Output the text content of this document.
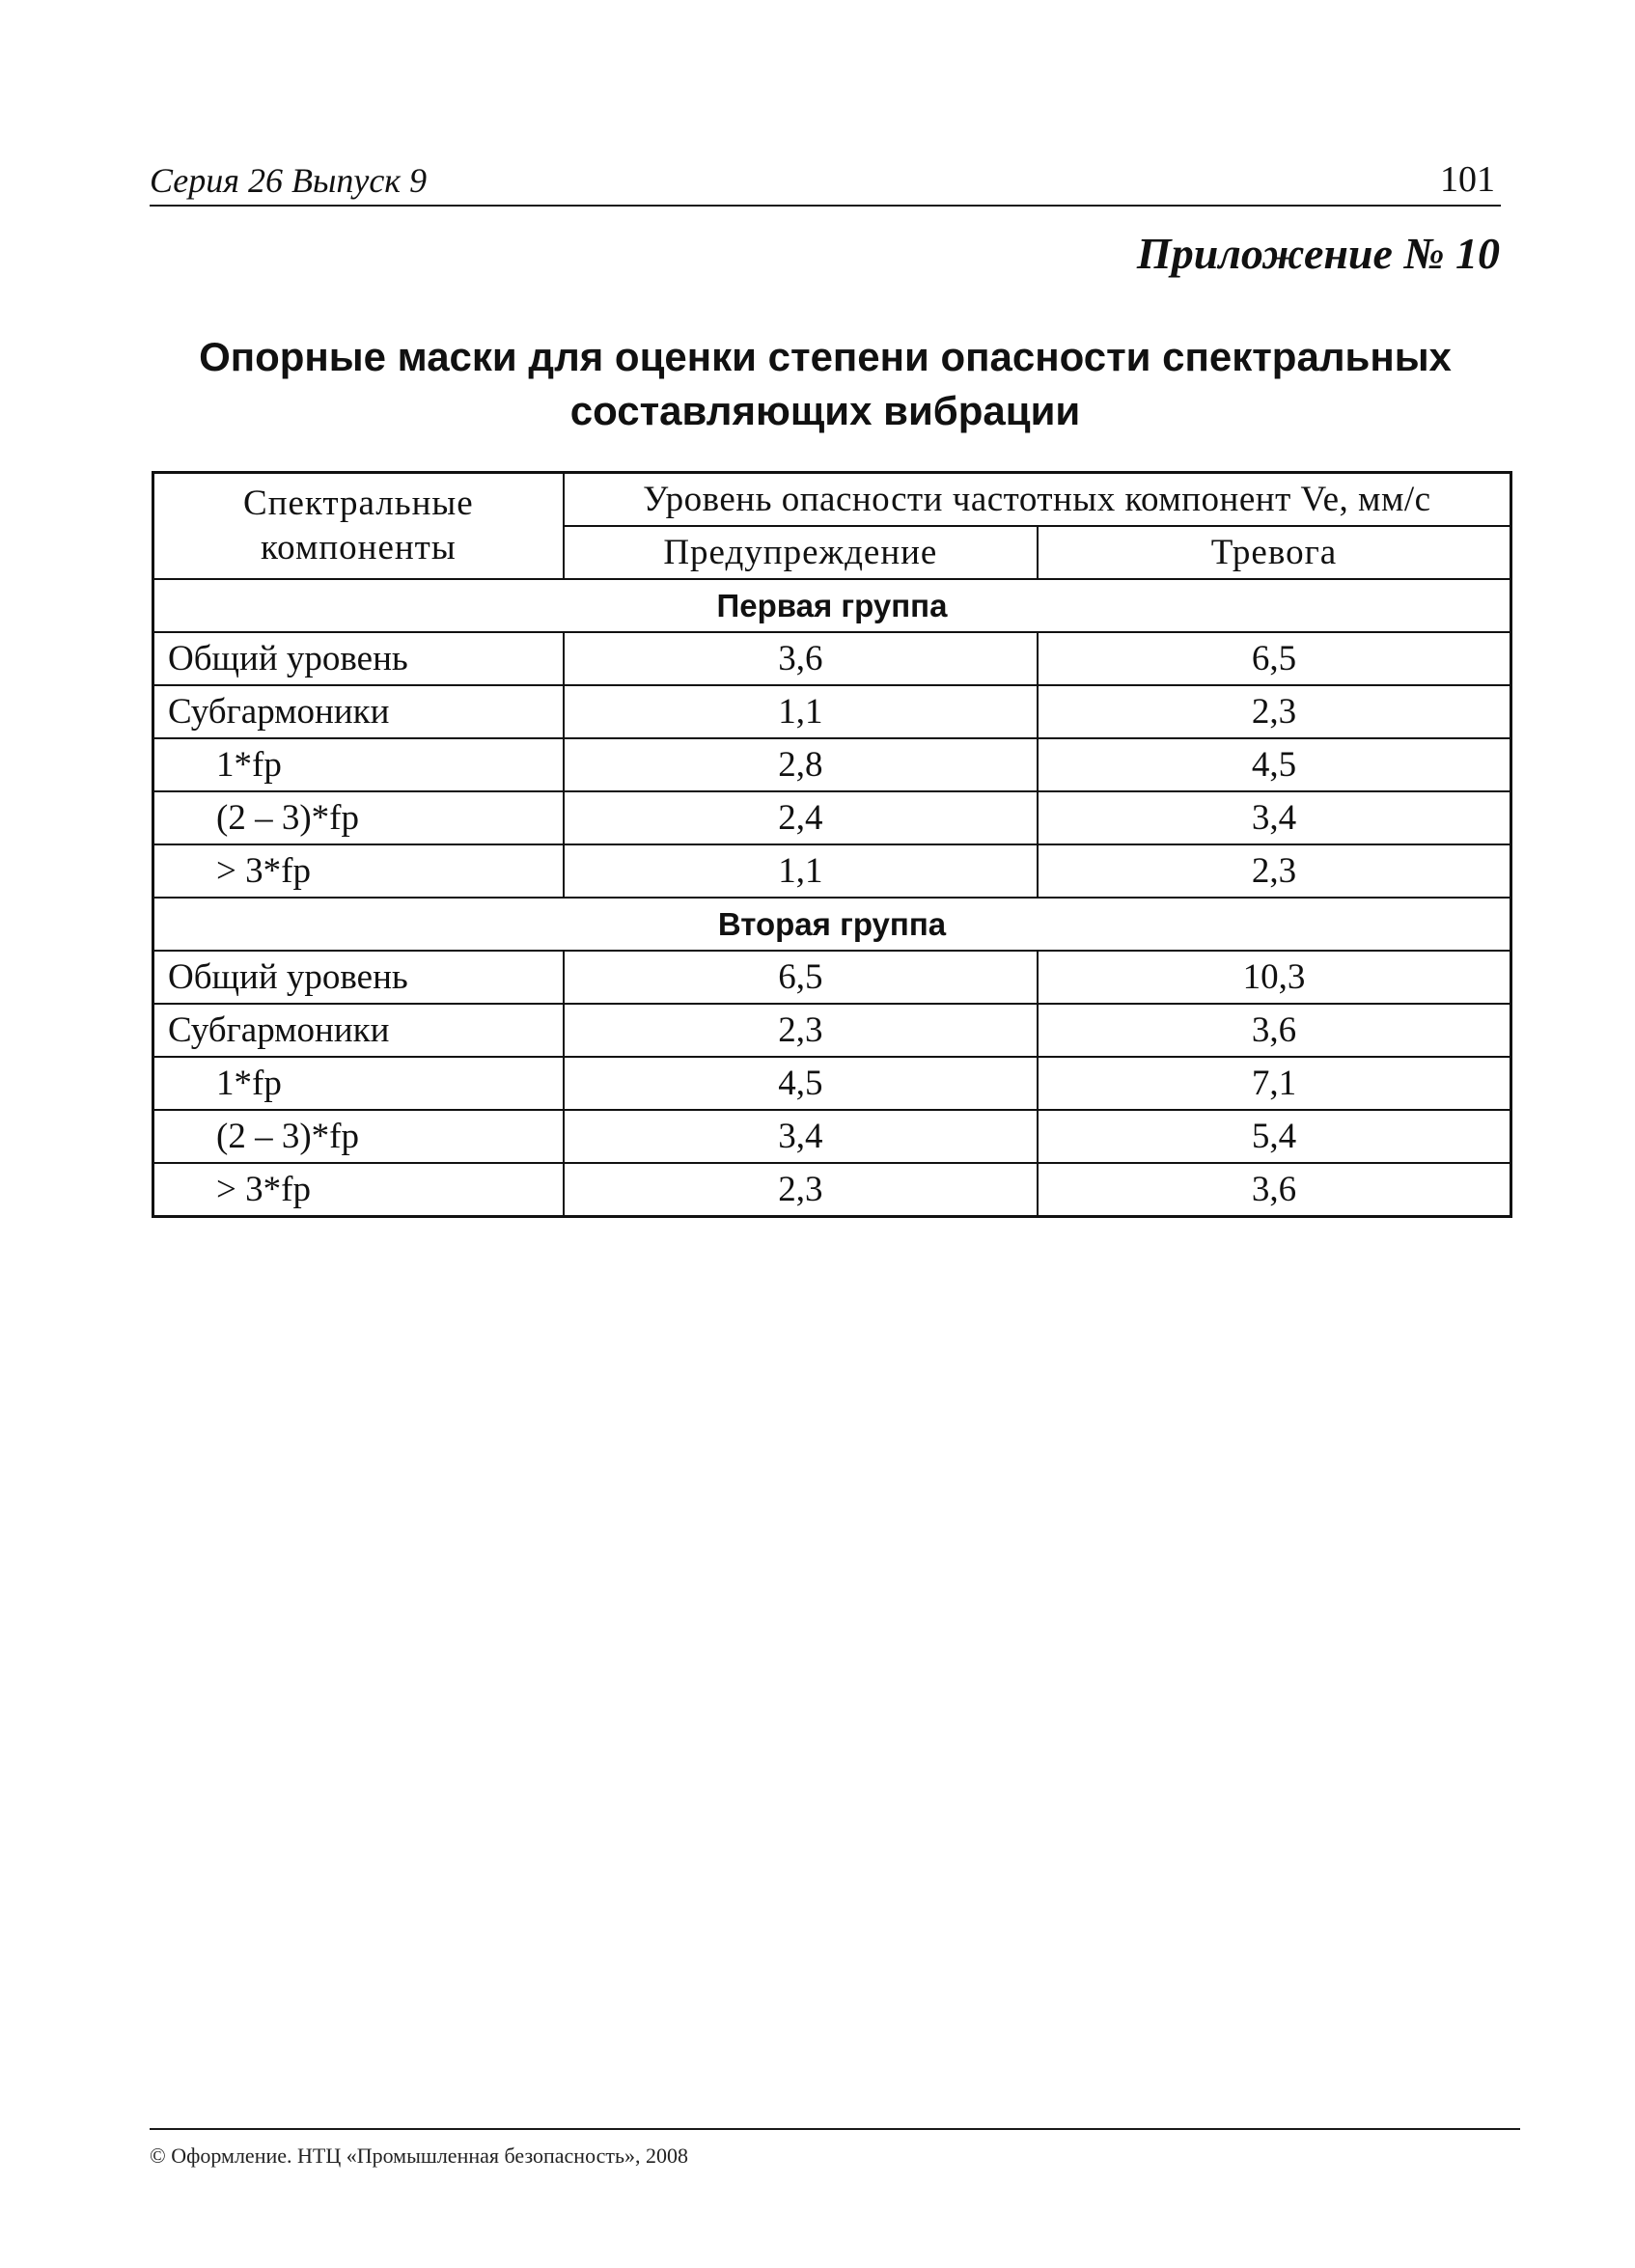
Серия 26 Выпуск 9	101
Приложение № 10
Опорные маски для оценки степени опасности спектральных
составляющих вибрации
Спектральные
компоненты	Уровень опасности частотных компонент Ve, мм/с	
	Предупреждение	Тревога
Первая группа		
Общий уровень	3,6	6,5
Субгармоники	1,1	2,3
1*fp	2,8	4,5
(2 – 3)*fp	2,4	3,4
> 3*fp	1,1	2,3
Вторая группа		
Общий уровень	6,5	10,3
Субгармоники	2,3	3,6
1*fp	4,5	7,1
(2 – 3)*fp	3,4	5,4
> 3*fp	2,3	3,6
© Оформление. НТЦ «Промышленная безопасность», 2008
